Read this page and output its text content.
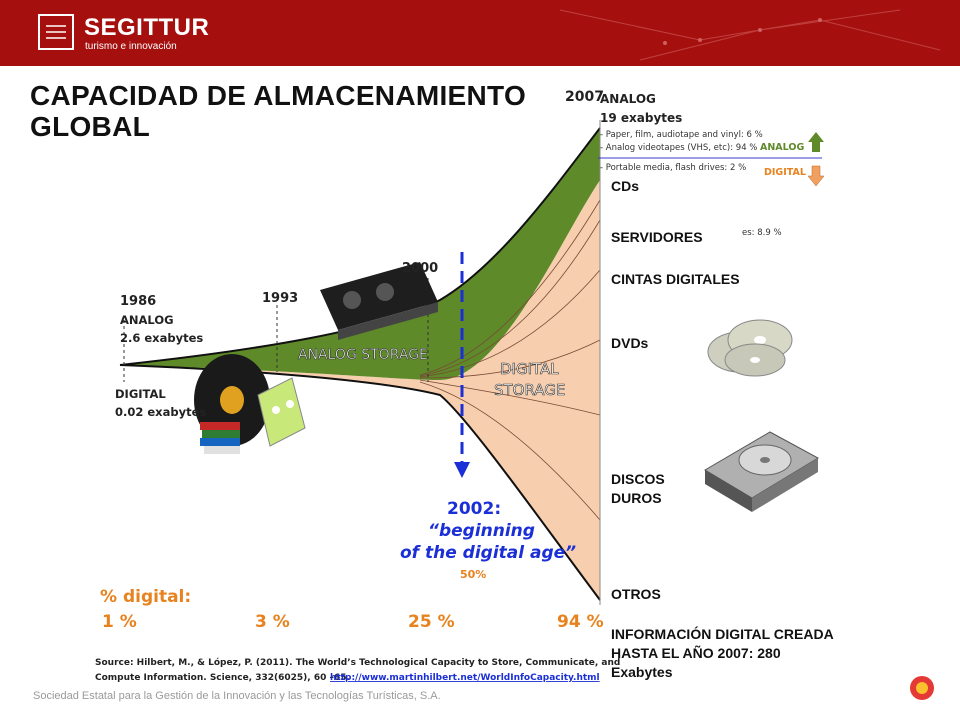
SEGITTUR
turismo e innovación
CAPACIDAD DE ALMACENAMIENTO GLOBAL
2007
ANALOG
19 exabytes
- Paper, film, audiotape and vinyl: 6 %
- Analog videotapes (VHS, etc): 94 %
- Portable media, flash drives: 2 %
ANALOG
DIGITAL
es: 8.9 %
1986
ANALOG
2.6 exabytes
DIGITAL
0.02 exabytes
1993
2000
ANALOG STORAGE
DIGITAL
STORAGE
2002:
“beginning
of the digital age”
50%
% digital:
1 %	3 %	25 %	94 %
Source: Hilbert, M., & López, P. (2011). The World’s Technological Capacity to Store, Communicate, and
Compute Information. Science, 332(6025), 60 –65.
http://www.martinhilbert.net/WorldInfoCapacity.html
CDs
SERVIDORES
CINTAS DIGITALES
DVDs
DISCOS DUROS
OTROS
INFORMACIÓN DIGITAL CREADA HASTA EL AÑO 2007: 280 Exabytes
Sociedad Estatal para la Gestión de la Innovación y las Tecnologías Turísticas, S.A.
